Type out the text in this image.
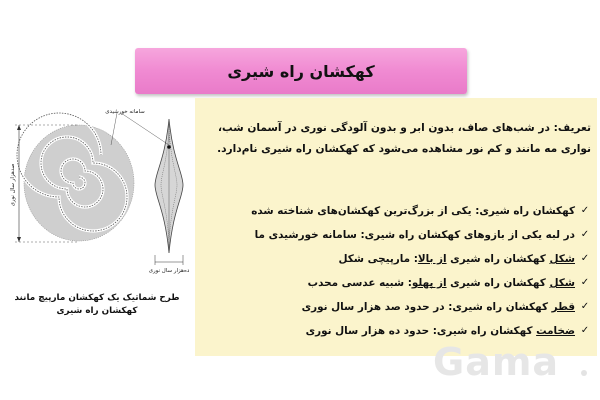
کهکشان راه شیری
تعریف: در شب‌های صاف، بدون ابر و بدون آلودگی نوری در آسمان شب، نواری مه مانند و کم نور مشاهده می‌شود که کهکشان راه شیری نام‌دارد.
✓
کهکشان راه شیری: یکی از بزرگ‌ترین کهکشان‌های شناخته شده
✓
در لبه یکی از بازوهای کهکشان راه شیری: سامانه خورشیدی ما
✓
شکل کهکشان راه شیری از بالا: مارپیچی شکل
✓
شکل کهکشان راه شیری از پهلو: شبیه عدسی محدب
✓
قطر کهکشان راه شیری: در حدود صد هزار سال نوری
✓
ضخامت کهکشان راه شیری: حدود ده هزار سال نوری
صدهزار سال نوری
ده‌هزار سال نوری
سامانه خورشیدی
طرح شماتیک یک کهکشان مارپیچ مانند کهکشان راه شیری
Gama
